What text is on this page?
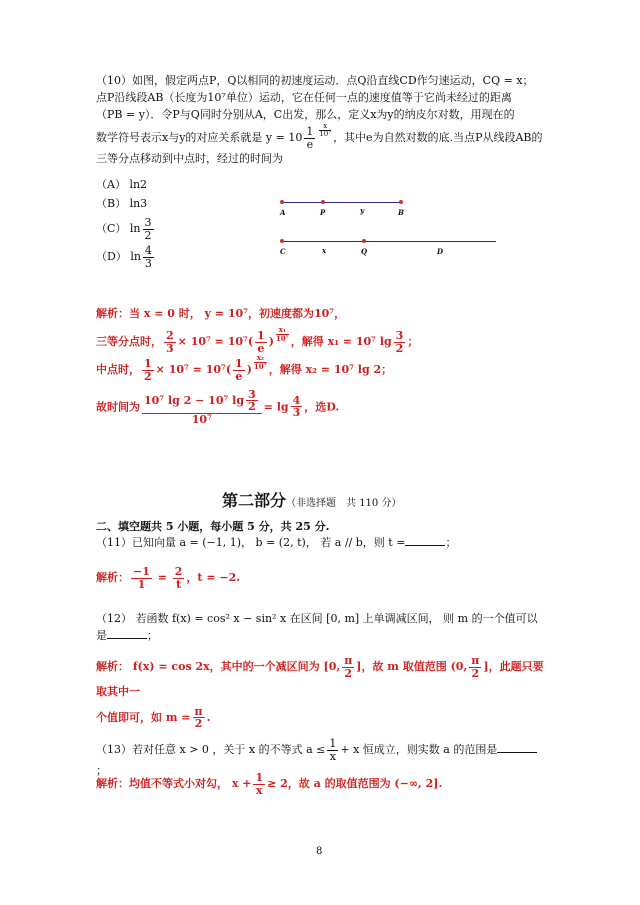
（10）如图，假定两点P，Q以相同的初速度运动．点Q沿直线CD作匀速运动，CQ = x；
点P沿线段AB（长度为10⁷单位）运动，它在任何一点的速度值等于它尚未经过的距离
（PB = y）．令P与Q同时分别从A，C出发，那么，定义x为y的纳皮尔对数，用现在的
数学符号表示x与y的对应关系就是 $y = 10 \frac{1}{e} \frac{x}{\text{10⁷}}$ ，其中e为自然对数的底.当点P从线段AB的
三等分点移动到中点时，经过的时间为
（A） ln2
（B） ln3
（C） $\ln \frac{3}{2}$
（D） $\ln \frac{4}{3}$
A	P	y	B
C	x	Q	D
解析：当 x = 0 时， y = 10⁷，初速度都为10⁷，
三等分点时， $\frac{2}{3} \times 10^7 = 10^7( \frac{1}{e}$ ) $\frac{\text{x₁}}{\text{10⁷}}$ ，解得 x₁ = 10⁷ $\lg \frac{3}{2}$ ；
中点时， $\frac{1}{2} \times 10^7 = 10^7( \frac{1}{e}$ ) $\frac{\text{x₂}}{\text{10⁷}}$ ，解得 x₂ = 10⁷ lg 2；
故时间为 $\frac{10^7 \lg 2 - 10^7 \lg \frac{3}{2}}{\text{10⁷}} = \lg \frac{4}{3}$ ，选D.
第二部分（非选择题　共 110 分）
二、填空题共 5 小题，每小题 5 分，共 25 分.
（11）已知向量 a = (−1, 1)， b = (2, t)， 若 a // b，则 t =	；
解析： $\frac{-1}{1} = \frac{2}{t}$ ，t = −2.
（12） 若函数 f(x) = cos² x − sin² x 在区间 [0, m] 上单调减区间， 则 m 的一个值可以
是	；
解析： f(x) = cos 2x，其中的一个减区间为 [0, $\frac{\pi}{2}$ ]，故 m 取值范围 (0, $\frac{\pi}{2}$ ]，此题只要取其中一
个值即可，如 $m = \frac{\pi}{2}$ .
（13）若对任意 x > 0 ，关于 x 的不等式 $a \le \frac{1}{x} + x$ 恒成立，则实数 a 的范围是；
解析：均值不等式小对勾， $x + \frac{1}{x} \ge 2$，故 a 的取值范围为 (−∞, 2].
8
